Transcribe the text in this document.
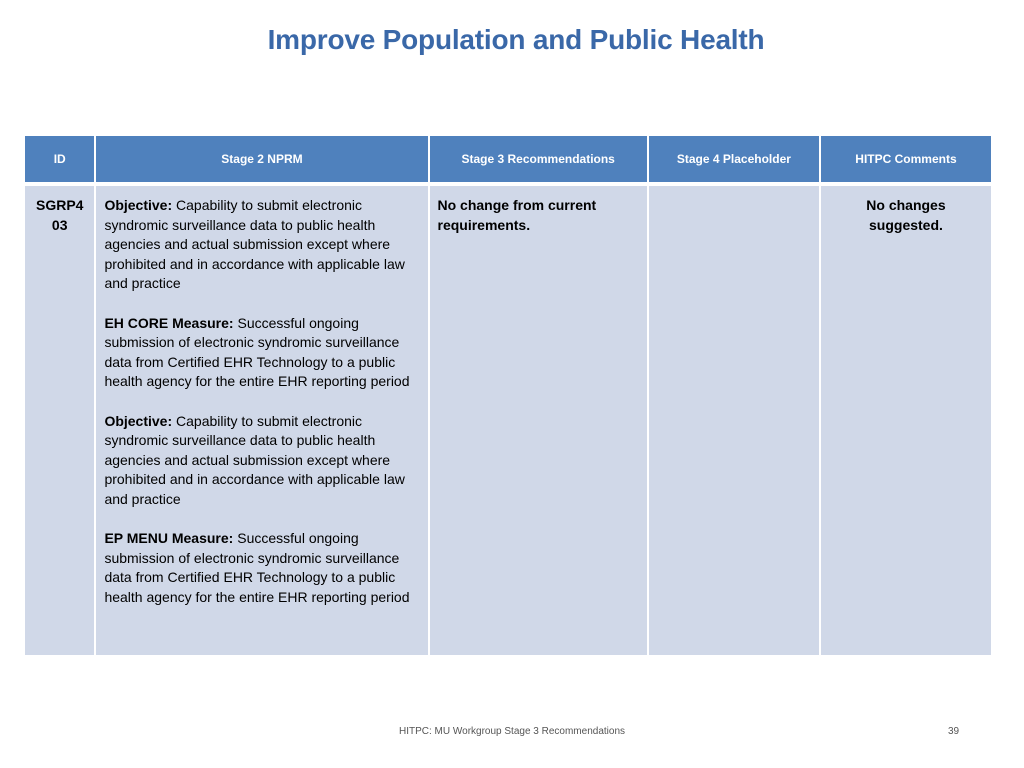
Improve Population and Public Health
ID	Stage 2 NPRM	Stage 3 Recommendations	Stage 4 Placeholder	HITPC Comments
SGRP403	Objective: Capability to submit electronic syndromic surveillance data to public health agencies and actual submission except where prohibited and in accordance with applicable law and practice

EH CORE Measure: Successful ongoing submission of electronic syndromic surveillance data from Certified EHR Technology to a public health agency for the entire EHR reporting period

Objective: Capability to submit electronic syndromic surveillance data to public health agencies and actual submission except where prohibited and in accordance with applicable law and practice

EP MENU Measure: Successful ongoing submission of electronic syndromic surveillance data from Certified EHR Technology to a public health agency for the entire EHR reporting period	No change from current requirements.		No changes suggested.
HITPC: MU Workgroup Stage 3 Recommendations	39
